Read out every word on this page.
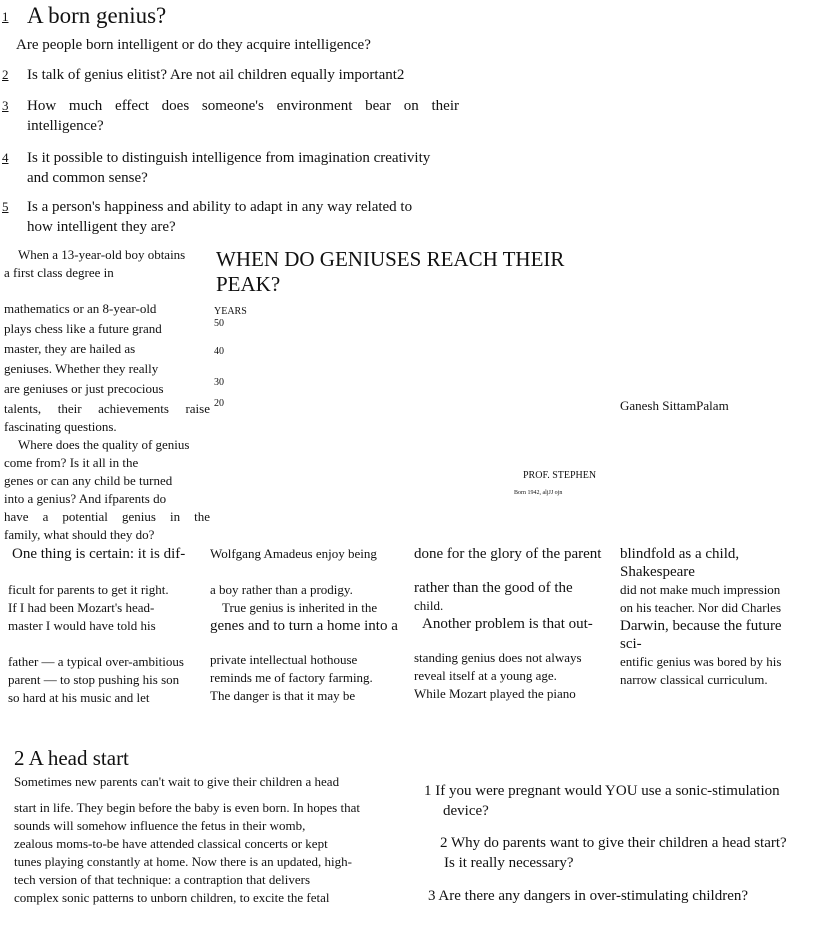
1 A born genius?
Are people born intelligent or do they acquire intelligence?
2 Is talk of genius elitist? Are not ail children equally important2
3 How much effect does someone's environment bear on their
intelligence?
4 Is it possible to distinguish intelligence from imagination creativity
and common sense?
5 Is a person's happiness and ability to adapt in any way related to
how intelligent they are?

When a 13-year-old boy obtains

a first class degree in

mathematics or an 8-year-old

plays chess like a future grand

master, they are hailed as

geniuses. Whether they really

are geniuses or just precocious

talents, their achievements raise

fascinating questions.

Where does the quality of genius

come from? Is it all in the

genes or can any child be turned

into a genius? And ifparents do

have a potential genius in the

family, what should they do?

WHEN DO GENIUSES REACH THEIR PEAK?
YEARS
50
40
30
20	Ganesh SittamPalam
PROF. STEPHEN
Born 1942, aljJJ ojn

One thing is certain: it is dif-

ficult for parents to get it right.

If I had been Mozart's head-

master I would have told his

father — a typical over-ambitious

parent — to stop pushing his son

so hard at his music and let

Wolfgang Amadeus enjoy being

a boy rather than a prodigy.

True genius is inherited in the

genes and to turn a home into a

private intellectual hothouse

reminds me of factory farming.

The danger is that it may be

done for the glory of the parent

rather than the good of the

child.

Another problem is that out-

standing genius does not always

reveal itself at a young age.

While Mozart played the piano

blindfold as a child,

Shakespeare

did not make much impression

on his teacher. Nor did Charles

Darwin, because the future

sci-

entific genius was bored by his

narrow classical curriculum.

2 A head start

Sometimes new parents can't wait to give their children a head

start in life. They begin before the baby is even born. In hopes that

sounds will somehow influence the fetus in their womb,

zealous moms-to-be have attended classical concerts or kept

tunes playing constantly at home. Now there is an updated, high-

tech version of that technique: a contraption that delivers

complex sonic patterns to unborn children, to excite the fetal

1 If you were pregnant would YOU use a sonic-stimulation
device?
2 Why do parents want to give their children a head start?
Is it really necessary?
3 Are there any dangers in over-stimulating children?
